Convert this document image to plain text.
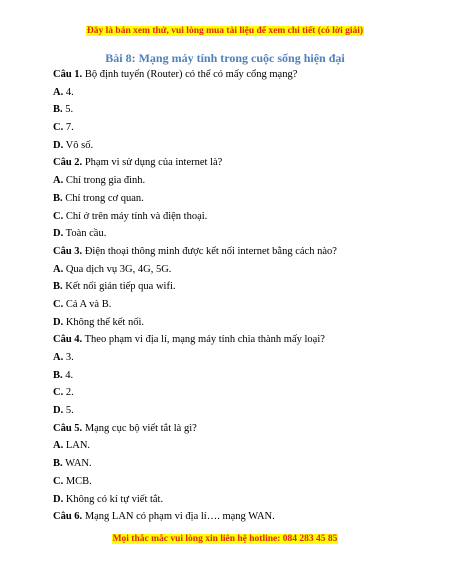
Đây là bản xem thử, vui lòng mua tài liệu để xem chi tiết (có lời giải)
Bài 8: Mạng máy tính trong cuộc sống hiện đại
Câu 1. Bộ định tuyến (Router) có thể có mấy cổng mạng?
A. 4.
B. 5.
C. 7.
D. Vô số.
Câu 2. Phạm vi sử dụng của internet là?
A. Chỉ trong gia đình.
B. Chỉ trong cơ quan.
C. Chỉ ở trên máy tính và điện thoại.
D. Toàn cầu.
Câu 3. Điện thoại thông minh được kết nối internet bằng cách nào?
A. Qua dịch vụ 3G, 4G, 5G.
B. Kết nối gián tiếp qua wifi.
C. Cả A và B.
D. Không thể kết nối.
Câu 4. Theo phạm vi địa lí, mạng máy tính chia thành mấy loại?
A. 3.
B. 4.
C. 2.
D. 5.
Câu 5. Mạng cục bộ viết tắt là gì?
A. LAN.
B. WAN.
C. MCB.
D. Không có kí tự viết tắt.
Câu 6. Mạng LAN có phạm vi địa lí…. mạng WAN.
Mọi thắc mắc vui lòng xin liên hệ hotline: 084 283 45 85
